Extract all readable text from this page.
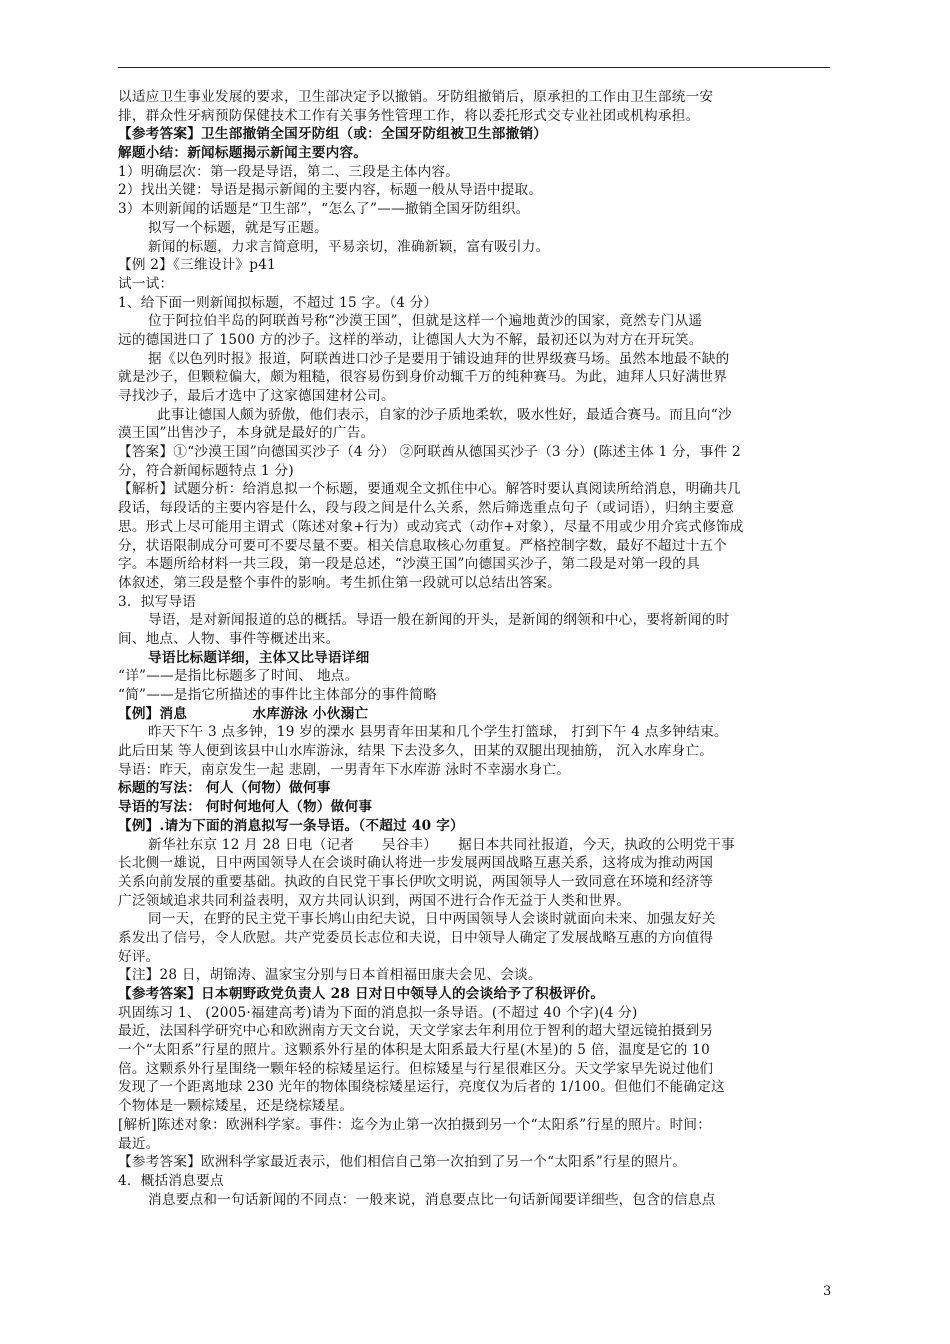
以适应卫生事业发展的要求，卫生部决定予以撤销。牙防组撤销后，原承担的工作由卫生部统一安
排，群众性牙病预防保健技术工作有关事务性管理工作，将以委托形式交专业社团或机构承担。
【参考答案】卫生部撤销全国牙防组（或：全国牙防组被卫生部撤销）
解题小结：新闻标题揭示新闻主要内容。
1）明确层次：第一段是导语，第二、三段是主体内容。
2）找出关键：导语是揭示新闻的主要内容，标题一般从导语中提取。
3）本则新闻的话题是“卫生部”，“怎么了”——撤销全国牙防组织。
拟写一个标题，就是写正题。
新闻的标题，力求言简意明，平易亲切，准确新颖，富有吸引力。
【例 2】《三维设计》p41
试一试：
1、给下面一则新闻拟标题，不超过 15 字。（4 分）
位于阿拉伯半岛的阿联酋号称“沙漠王国”，但就是这样一个遍地黄沙的国家，竟然专门从遥
远的德国进口了 1500 方的沙子。这样的举动，让德国人大为不解，最初还以为对方在开玩笑。
据《以色列时报》报道，阿联酋进口沙子是要用于铺设迪拜的世界级赛马场。虽然本地最不缺的
就是沙子，但颗粒偏大，颇为粗糙，很容易伤到身价动辄千万的纯种赛马。为此，迪拜人只好满世界
寻找沙子，最后才选中了这家德国建材公司。
此事让德国人颇为骄傲，他们表示，自家的沙子质地柔软，吸水性好，最适合赛马。而且向“沙
漠王国”出售沙子，本身就是最好的广告。
【答案】①“沙漠王国”向德国买沙子（4 分） ②阿联酋从德国买沙子（3 分）(陈述主体 1 分，事件 2
分，符合新闻标题特点 1 分)
【解析】试题分析：给消息拟一个标题，要通观全文抓住中心。解答时要认真阅读所给消息，明确共几
段话，每段话的主要内容是什么，段与段之间是什么关系，然后筛选重点句子（或词语），归纳主要意
思。形式上尽可能用主谓式（陈述对象+行为）或动宾式（动作+对象），尽量不用或少用介宾式修饰成
分，状语限制成分可要可不要尽量不要。相关信息取核心勿重复。严格控制字数，最好不超过十五个
字。本题所给材料一共三段，第一段是总述，“沙漠王国”向德国买沙子，第二段是对第一段的具
体叙述，第三段是整个事件的影响。考生抓住第一段就可以总结出答案。
3．拟写导语
导语，是对新闻报道的总的概括。导语一般在新闻的开头，是新闻的纲领和中心，要将新闻的时
间、地点、人物、事件等概述出来。
导语比标题详细，主体又比导语详细
“详”——是指比标题多了时间、 地点。
“简”——是指它所描述的事件比主体部分的事件简略
【例】消息 　　　　 水库游泳 小伙溺亡
昨天下午 3 点多钟，19 岁的溧水 县男青年田某和几个学生打篮球， 打到下午 4 点多钟结束。
此后田某 等人便到该县中山水库游泳，结果 下去没多久，田某的双腿出现抽筋， 沉入水库身亡。
导语：昨天，南京发生一起 悲剧，一男青年下水库游 泳时不幸溺水身亡。
标题的写法： 何人（何物）做何事
导语的写法： 何时何地何人（物）做何事
【例】.请为下面的消息拟写一条导语。（不超过 40 字）
新华社东京 12 月 28 日电（记者　　吴谷丰）　　据日本共同社报道，今天，执政的公明党干事
长北侧一雄说，日中两国领导人在会谈时确认将进一步发展两国战略互惠关系，这将成为推动两国
关系向前发展的重要基础。执政的自民党干事长伊吹文明说，两国领导人一致同意在环境和经济等
广泛领域追求共同利益表明，双方共同认识到，两国不进行合作无益于人类和世界。
同一天，在野的民主党干事长鸠山由纪夫说，日中两国领导人会谈时就面向未来、加强友好关
系发出了信号，令人欣慰。共产党委员长志位和夫说，日中领导人确定了发展战略互惠的方向值得
好评。
【注】28 日，胡锦涛、温家宝分别与日本首相福田康夫会见、会谈。
【参考答案】日本朝野政党负责人 28 日对日中领导人的会谈给予了积极评价。
巩固练习 1、 (2005·福建高考)请为下面的消息拟一条导语。(不超过 40 个字)(4 分)
最近，法国科学研究中心和欧洲南方天文台说，天文学家去年利用位于智利的超大望远镜拍摄到另
一个“太阳系”行星的照片。这颗系外行星的体积是太阳系最大行星(木星)的 5 倍，温度是它的 10
倍。这颗系外行星围绕一颗年轻的棕矮星运行。但棕矮星与行星很难区分。天文学家早先说过他们
发现了一个距离地球 230 光年的物体围绕棕矮星运行，亮度仅为后者的 1/100。但他们不能确定这
个物体是一颗棕矮星，还是绕棕矮星。
[解析]陈述对象：欧洲科学家。事件：迄今为止第一次拍摄到另一个“太阳系”行星的照片。时间：
最近。
【参考答案】欧洲科学家最近表示，他们相信自己第一次拍到了另一个“太阳系”行星的照片。
4．概括消息要点
消息要点和一句话新闻的不同点：一般来说，消息要点比一句话新闻要详细些，包含的信息点
3
